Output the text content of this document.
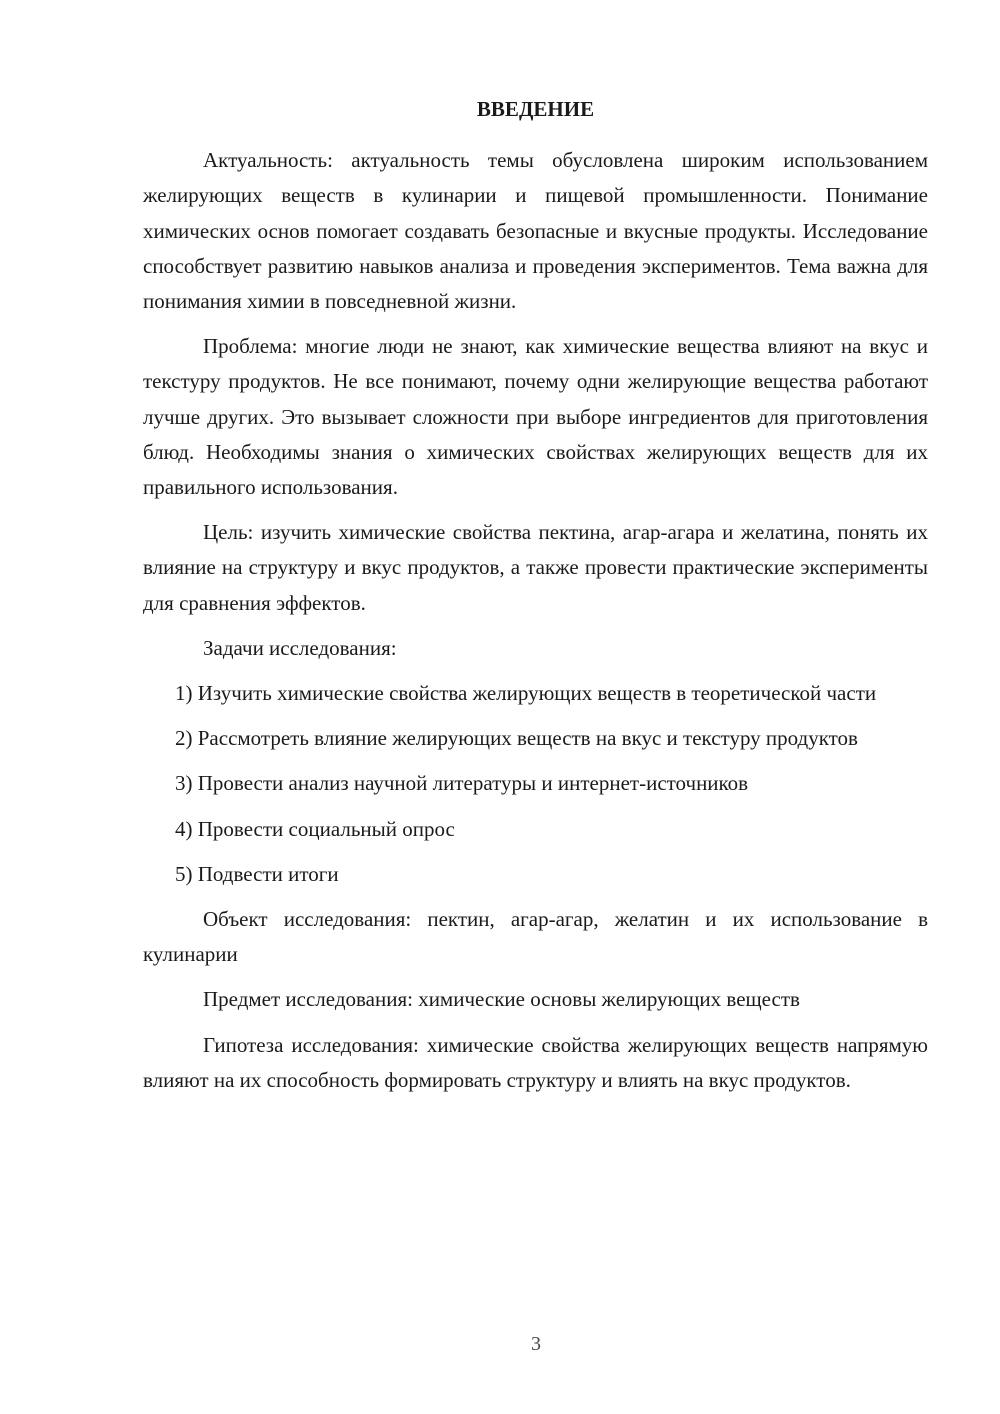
ВВЕДЕНИЕ
Актуальность: актуальность темы обусловлена широким использованием желирующих веществ в кулинарии и пищевой промышленности. Понимание химических основ помогает создавать безопасные и вкусные продукты. Исследование способствует развитию навыков анализа и проведения экспериментов. Тема важна для понимания химии в повседневной жизни.
Проблема: многие люди не знают, как химические вещества влияют на вкус и текстуру продуктов. Не все понимают, почему одни желирующие вещества работают лучше других. Это вызывает сложности при выборе ингредиентов для приготовления блюд. Необходимы знания о химических свойствах желирующих веществ для их правильного использования.
Цель: изучить химические свойства пектина, агар-агара и желатина, понять их влияние на структуру и вкус продуктов, а также провести практические эксперименты для сравнения эффектов.
Задачи исследования:
1) Изучить химические свойства желирующих веществ в теоретической части
2) Рассмотреть влияние желирующих веществ на вкус и текстуру продуктов
3) Провести анализ научной литературы и интернет-источников
4) Провести социальный опрос
5) Подвести итоги
Объект исследования: пектин, агар-агар, желатин и их использование в кулинарии
Предмет исследования: химические основы желирующих веществ
Гипотеза исследования: химические свойства желирующих веществ напрямую влияют на их способность формировать структуру и влиять на вкус продуктов.
3
